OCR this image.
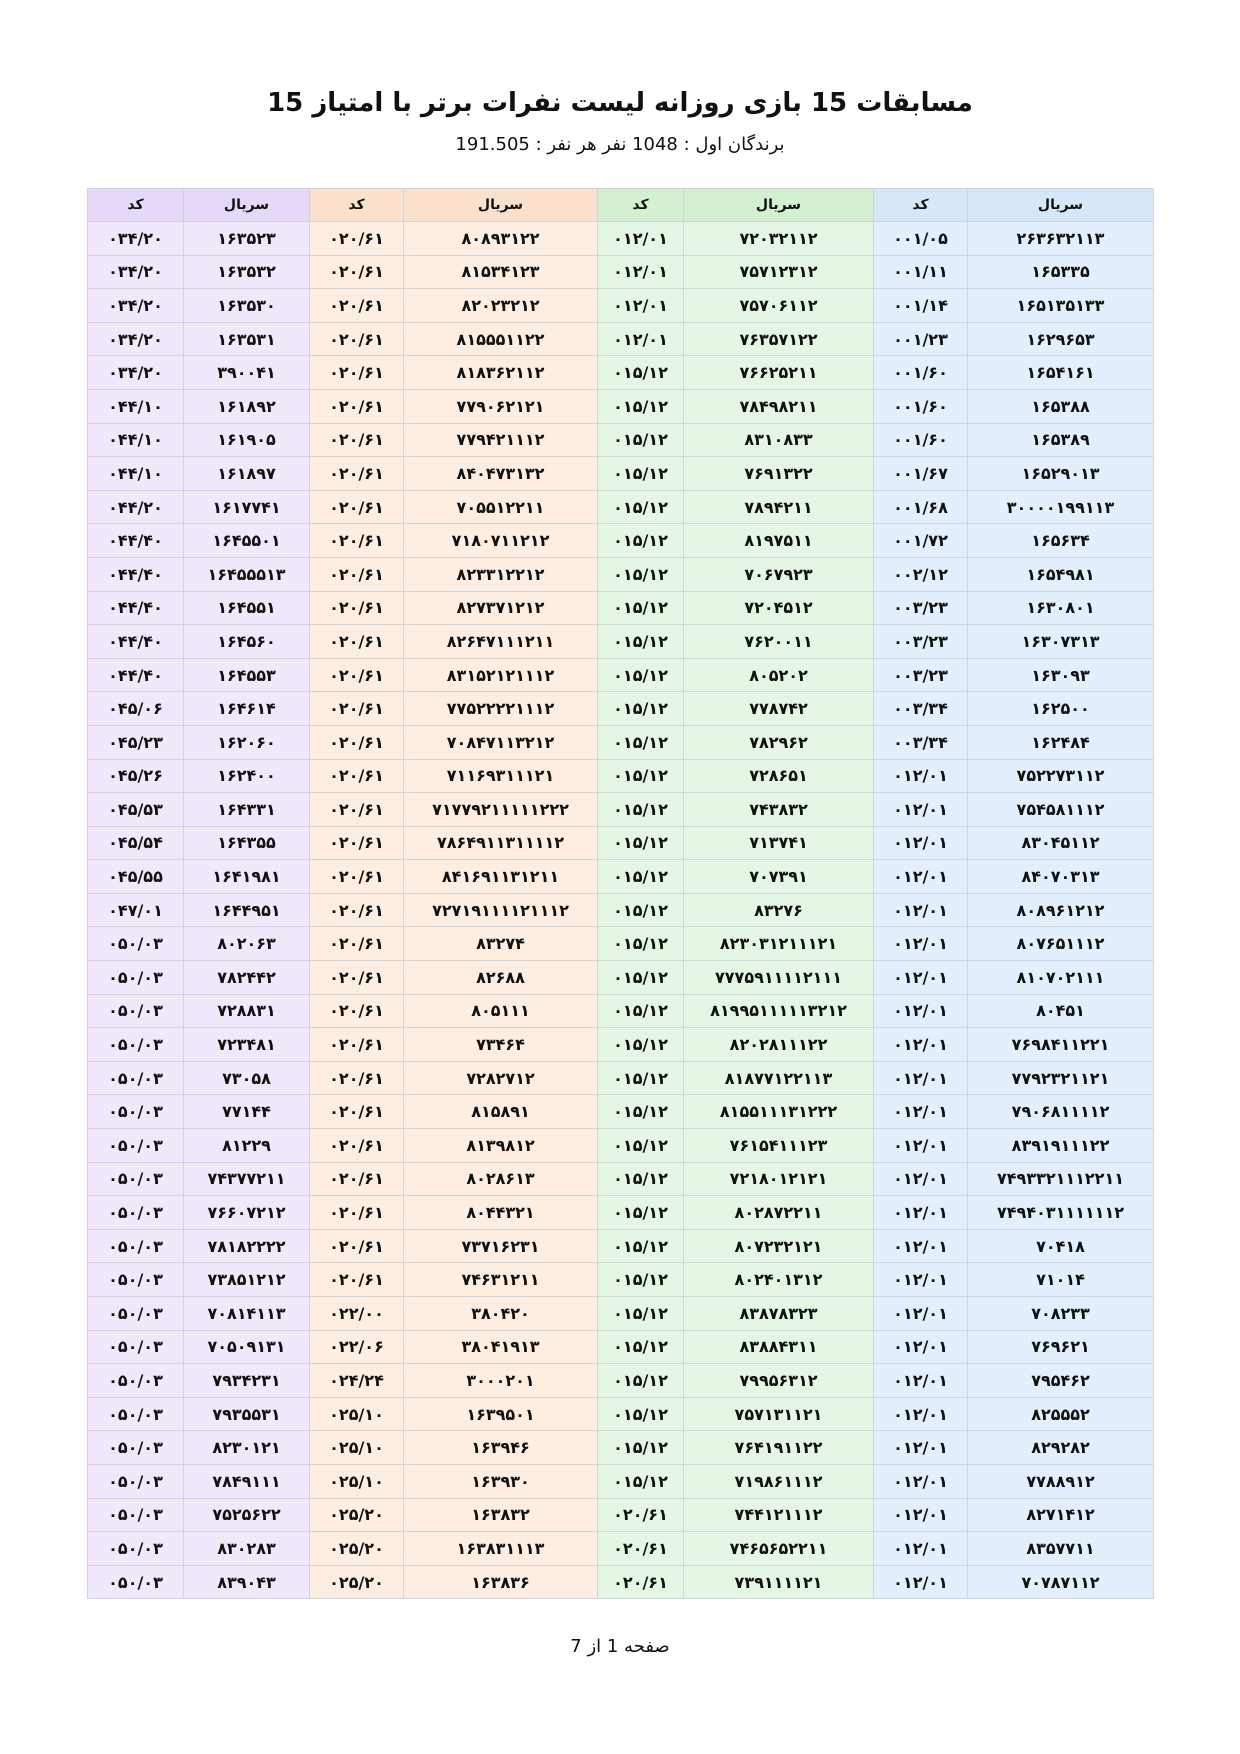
مسابقات 15 بازی روزانه لیست نفرات برتر با امتیاز 15
برندگان اول : 1048 نفر هر نفر : 191.505
سریال	کد	سریال	کد	سریال	کد	سریال	کد
۲۶۳۶۳۲۱۱۳	۰۰۱/۰۵	۷۲۰۳۲۱۱۲	۰۱۲/۰۱	۸۰۸۹۳۱۲۲	۰۲۰/۶۱	۱۶۳۵۲۳	۰۳۴/۲۰
۱۶۵۳۳۵	۰۰۱/۱۱	۷۵۷۱۲۳۱۲	۰۱۲/۰۱	۸۱۵۳۴۱۲۳	۰۲۰/۶۱	۱۶۳۵۳۲	۰۳۴/۲۰
۱۶۵۱۳۵۱۳۳	۰۰۱/۱۴	۷۵۷۰۶۱۱۲	۰۱۲/۰۱	۸۲۰۲۳۲۱۲	۰۲۰/۶۱	۱۶۳۵۳۰	۰۳۴/۲۰
۱۶۲۹۶۵۳	۰۰۱/۲۳	۷۶۳۵۷۱۲۲	۰۱۲/۰۱	۸۱۵۵۵۱۱۲۲	۰۲۰/۶۱	۱۶۳۵۳۱	۰۳۴/۲۰
۱۶۵۴۱۶۱	۰۰۱/۶۰	۷۶۶۲۵۲۱۱	۰۱۵/۱۲	۸۱۸۳۶۲۱۱۲	۰۲۰/۶۱	۳۹۰۰۴۱	۰۳۴/۲۰
۱۶۵۳۸۸	۰۰۱/۶۰	۷۸۴۹۸۲۱۱	۰۱۵/۱۲	۷۷۹۰۶۲۱۲۱	۰۲۰/۶۱	۱۶۱۸۹۲	۰۴۴/۱۰
۱۶۵۳۸۹	۰۰۱/۶۰	۸۳۱۰۸۳۳	۰۱۵/۱۲	۷۷۹۴۲۱۱۱۲	۰۲۰/۶۱	۱۶۱۹۰۵	۰۴۴/۱۰
۱۶۵۲۹۰۱۳	۰۰۱/۶۷	۷۶۹۱۳۲۲	۰۱۵/۱۲	۸۴۰۴۷۳۱۳۲	۰۲۰/۶۱	۱۶۱۸۹۷	۰۴۴/۱۰
۳۰۰۰۰۱۹۹۱۱۳	۰۰۱/۶۸	۷۸۹۴۲۱۱	۰۱۵/۱۲	۷۰۵۵۱۲۲۱۱	۰۲۰/۶۱	۱۶۱۷۷۴۱	۰۴۴/۲۰
۱۶۵۶۳۴	۰۰۱/۷۲	۸۱۹۷۵۱۱	۰۱۵/۱۲	۷۱۸۰۷۱۱۲۱۲	۰۲۰/۶۱	۱۶۴۵۵۰۱	۰۴۴/۴۰
۱۶۵۴۹۸۱	۰۰۲/۱۲	۷۰۶۷۹۲۳	۰۱۵/۱۲	۸۲۳۳۱۲۲۱۲	۰۲۰/۶۱	۱۶۴۵۵۵۱۳	۰۴۴/۴۰
۱۶۳۰۸۰۱	۰۰۳/۲۳	۷۲۰۴۵۱۲	۰۱۵/۱۲	۸۲۷۳۷۱۲۱۲	۰۲۰/۶۱	۱۶۴۵۵۱	۰۴۴/۴۰
۱۶۳۰۷۳۱۳	۰۰۳/۲۳	۷۶۲۰۰۱۱	۰۱۵/۱۲	۸۲۶۴۷۱۱۱۲۱۱	۰۲۰/۶۱	۱۶۴۵۶۰	۰۴۴/۴۰
۱۶۳۰۹۳	۰۰۳/۲۳	۸۰۵۲۰۲	۰۱۵/۱۲	۸۳۱۵۲۱۲۱۱۱۲	۰۲۰/۶۱	۱۶۴۵۵۳	۰۴۴/۴۰
۱۶۲۵۰۰	۰۰۳/۳۴	۷۷۸۷۴۲	۰۱۵/۱۲	۷۷۵۲۲۲۲۱۱۱۲	۰۲۰/۶۱	۱۶۴۶۱۴	۰۴۵/۰۶
۱۶۲۴۸۴	۰۰۳/۳۴	۷۸۲۹۶۲	۰۱۵/۱۲	۷۰۸۴۷۱۱۳۲۱۲	۰۲۰/۶۱	۱۶۲۰۶۰	۰۴۵/۲۳
۷۵۲۲۷۳۱۱۲	۰۱۲/۰۱	۷۲۸۶۵۱	۰۱۵/۱۲	۷۱۱۶۹۳۱۱۱۲۱	۰۲۰/۶۱	۱۶۲۴۰۰	۰۴۵/۲۶
۷۵۴۵۸۱۱۱۲	۰۱۲/۰۱	۷۴۳۸۳۲	۰۱۵/۱۲	۷۱۷۷۹۲۱۱۱۱۱۲۲۲	۰۲۰/۶۱	۱۶۴۳۳۱	۰۴۵/۵۳
۸۳۰۴۵۱۱۲	۰۱۲/۰۱	۷۱۳۷۴۱	۰۱۵/۱۲	۷۸۶۴۹۱۱۳۱۱۱۱۲	۰۲۰/۶۱	۱۶۴۳۵۵	۰۴۵/۵۴
۸۴۰۷۰۳۱۳	۰۱۲/۰۱	۷۰۷۳۹۱	۰۱۵/۱۲	۸۴۱۶۹۱۱۳۱۲۱۱	۰۲۰/۶۱	۱۶۴۱۹۸۱	۰۴۵/۵۵
۸۰۸۹۶۱۲۱۲	۰۱۲/۰۱	۸۳۲۷۶	۰۱۵/۱۲	۷۲۷۱۹۱۱۱۱۲۱۱۱۲	۰۲۰/۶۱	۱۶۴۴۹۵۱	۰۴۷/۰۱
۸۰۷۶۵۱۱۱۲	۰۱۲/۰۱	۸۲۳۰۳۱۲۱۱۱۲۱	۰۱۵/۱۲	۸۳۲۷۴	۰۲۰/۶۱	۸۰۲۰۶۳	۰۵۰/۰۳
۸۱۰۷۰۲۱۱۱	۰۱۲/۰۱	۷۷۷۵۹۱۱۱۱۲۱۱۱	۰۱۵/۱۲	۸۲۶۸۸	۰۲۰/۶۱	۷۸۲۴۴۲	۰۵۰/۰۳
۸۰۴۵۱	۰۱۲/۰۱	۸۱۹۹۵۱۱۱۱۱۳۲۱۲	۰۱۵/۱۲	۸۰۵۱۱۱	۰۲۰/۶۱	۷۲۸۸۳۱	۰۵۰/۰۳
۷۶۹۸۴۱۱۲۲۱	۰۱۲/۰۱	۸۲۰۲۸۱۱۱۲۲	۰۱۵/۱۲	۷۳۴۶۴	۰۲۰/۶۱	۷۲۳۴۸۱	۰۵۰/۰۳
۷۷۹۲۳۲۱۱۲۱	۰۱۲/۰۱	۸۱۸۷۷۱۲۲۱۱۳	۰۱۵/۱۲	۷۲۸۲۷۱۲	۰۲۰/۶۱	۷۳۰۵۸	۰۵۰/۰۳
۷۹۰۶۸۱۱۱۱۲	۰۱۲/۰۱	۸۱۵۵۱۱۱۳۱۲۲۲	۰۱۵/۱۲	۸۱۵۸۹۱	۰۲۰/۶۱	۷۷۱۴۴	۰۵۰/۰۳
۸۳۹۱۹۱۱۱۲۲	۰۱۲/۰۱	۷۶۱۵۴۱۱۱۲۳	۰۱۵/۱۲	۸۱۳۹۸۱۲	۰۲۰/۶۱	۸۱۲۲۹	۰۵۰/۰۳
۷۴۹۳۳۲۱۱۱۲۲۱۱	۰۱۲/۰۱	۷۲۱۸۰۱۲۱۲۱	۰۱۵/۱۲	۸۰۲۸۶۱۳	۰۲۰/۶۱	۷۴۳۷۷۲۱۱	۰۵۰/۰۳
۷۴۹۴۰۳۱۱۱۱۱۱۲	۰۱۲/۰۱	۸۰۲۸۷۲۲۱۱	۰۱۵/۱۲	۸۰۴۴۳۲۱	۰۲۰/۶۱	۷۶۶۰۷۲۱۲	۰۵۰/۰۳
۷۰۴۱۸	۰۱۲/۰۱	۸۰۷۲۳۲۱۲۱	۰۱۵/۱۲	۷۳۷۱۶۲۳۱	۰۲۰/۶۱	۷۸۱۸۲۲۲۲	۰۵۰/۰۳
۷۱۰۱۴	۰۱۲/۰۱	۸۰۲۴۰۱۳۱۲	۰۱۵/۱۲	۷۴۶۳۱۲۱۱	۰۲۰/۶۱	۷۳۸۵۱۲۱۲	۰۵۰/۰۳
۷۰۸۲۳۳	۰۱۲/۰۱	۸۳۸۷۸۳۲۳	۰۱۵/۱۲	۳۸۰۴۲۰	۰۲۲/۰۰	۷۰۸۱۴۱۱۳	۰۵۰/۰۳
۷۶۹۶۲۱	۰۱۲/۰۱	۸۳۸۸۴۳۱۱	۰۱۵/۱۲	۳۸۰۴۱۹۱۳	۰۲۲/۰۶	۷۰۵۰۹۱۳۱	۰۵۰/۰۳
۷۹۵۴۶۲	۰۱۲/۰۱	۷۹۹۵۶۳۱۲	۰۱۵/۱۲	۳۰۰۰۲۰۱	۰۲۴/۲۴	۷۹۳۴۲۳۱	۰۵۰/۰۳
۸۲۵۵۵۲	۰۱۲/۰۱	۷۵۷۱۳۱۱۲۱	۰۱۵/۱۲	۱۶۳۹۵۰۱	۰۲۵/۱۰	۷۹۳۵۵۳۱	۰۵۰/۰۳
۸۲۹۲۸۲	۰۱۲/۰۱	۷۶۴۱۹۱۱۲۲	۰۱۵/۱۲	۱۶۳۹۴۶	۰۲۵/۱۰	۸۲۳۰۱۲۱	۰۵۰/۰۳
۷۷۸۸۹۱۲	۰۱۲/۰۱	۷۱۹۸۶۱۱۱۲	۰۱۵/۱۲	۱۶۳۹۳۰	۰۲۵/۱۰	۷۸۴۹۱۱۱	۰۵۰/۰۳
۸۲۷۱۴۱۲	۰۱۲/۰۱	۷۴۴۱۲۱۱۱۲	۰۲۰/۶۱	۱۶۳۸۳۲	۰۲۵/۲۰	۷۵۲۵۶۲۲	۰۵۰/۰۳
۸۳۵۷۷۱۱	۰۱۲/۰۱	۷۴۶۵۶۵۲۲۱۱	۰۲۰/۶۱	۱۶۳۸۳۱۱۱۳	۰۲۵/۲۰	۸۳۰۲۸۳	۰۵۰/۰۳
۷۰۷۸۷۱۱۲	۰۱۲/۰۱	۷۳۹۱۱۱۱۲۱	۰۲۰/۶۱	۱۶۳۸۳۶	۰۲۵/۲۰	۸۳۹۰۴۳	۰۵۰/۰۳
صفحه 1 از 7
